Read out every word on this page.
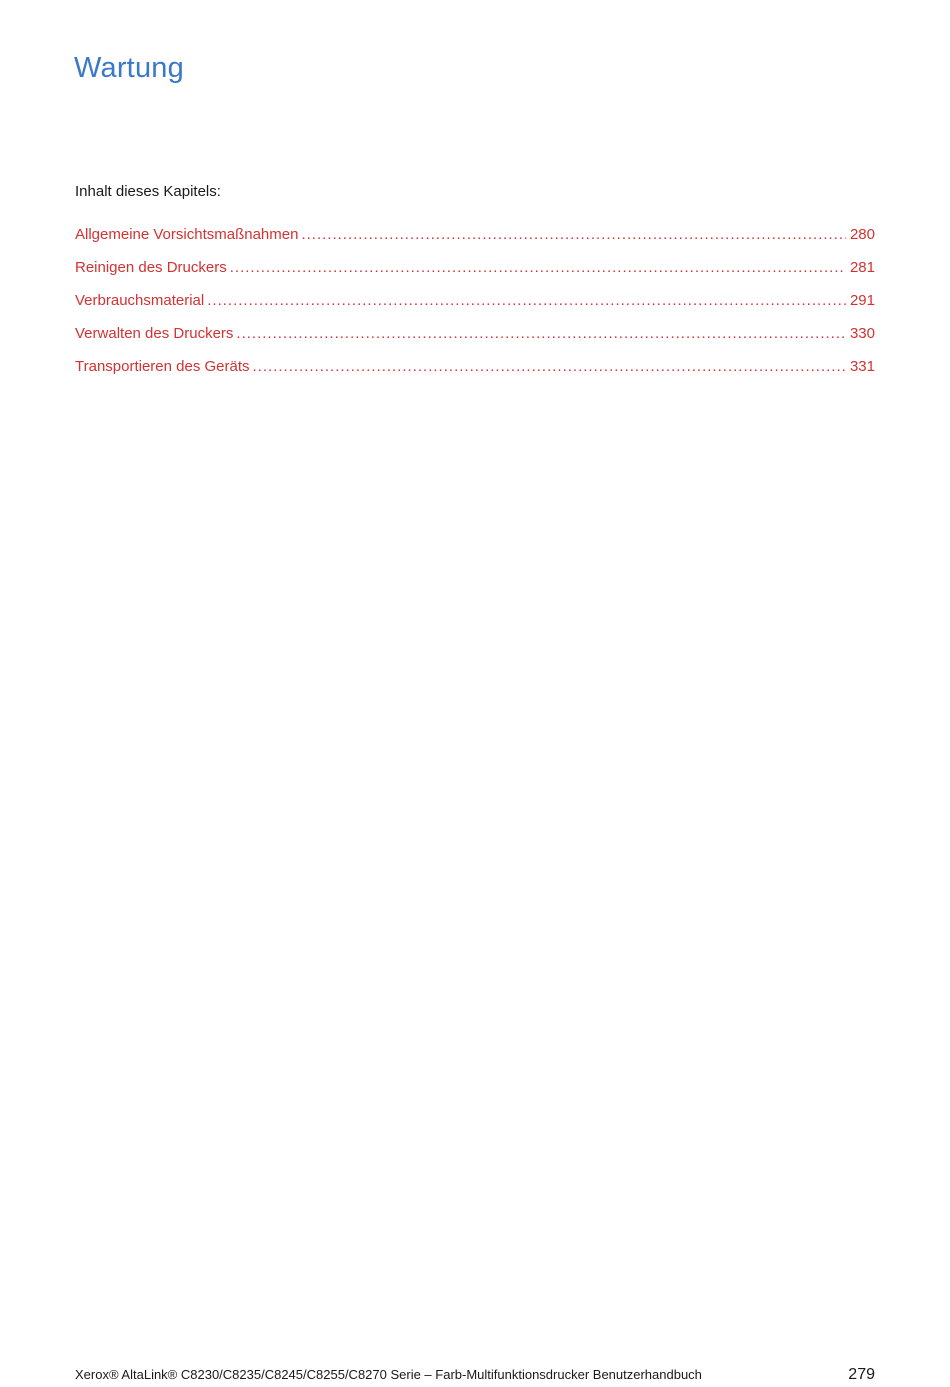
Wartung
Inhalt dieses Kapitels:
Allgemeine Vorsichtsmaßnahmen .....	280
Reinigen des Druckers .....	281
Verbrauchsmaterial .....	291
Verwalten des Druckers .....	330
Transportieren des Geräts .....	331
Xerox® AltaLink® C8230/C8235/C8245/C8255/C8270 Serie – Farb-Multifunktionsdrucker Benutzerhandbuch	279
